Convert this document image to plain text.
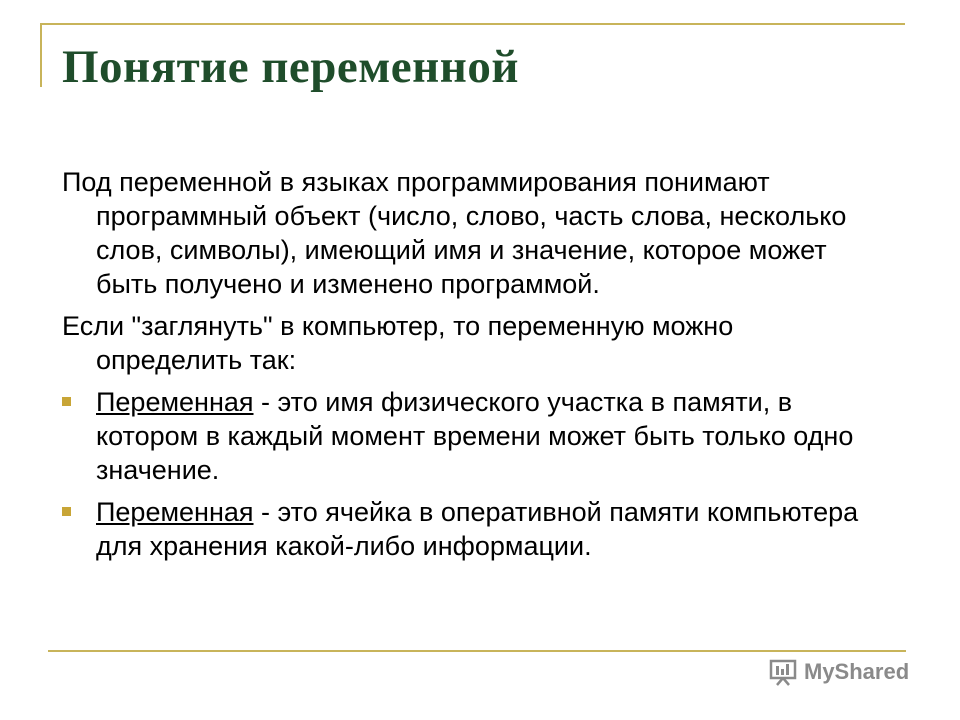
Понятие переменной

Под переменной в языках программирования понимают программный объект (число, слово, часть слова, несколько слов, символы), имеющий имя и значение, которое может быть получено и изменено программой.

Если "заглянуть" в компьютер, то переменную можно определить так:

Переменная - это имя физического участка в памяти, в котором в каждый момент времени может быть только одно значение.
Переменная - это ячейка в оперативной памяти компьютера для хранения какой-либо информации.
MyShared
